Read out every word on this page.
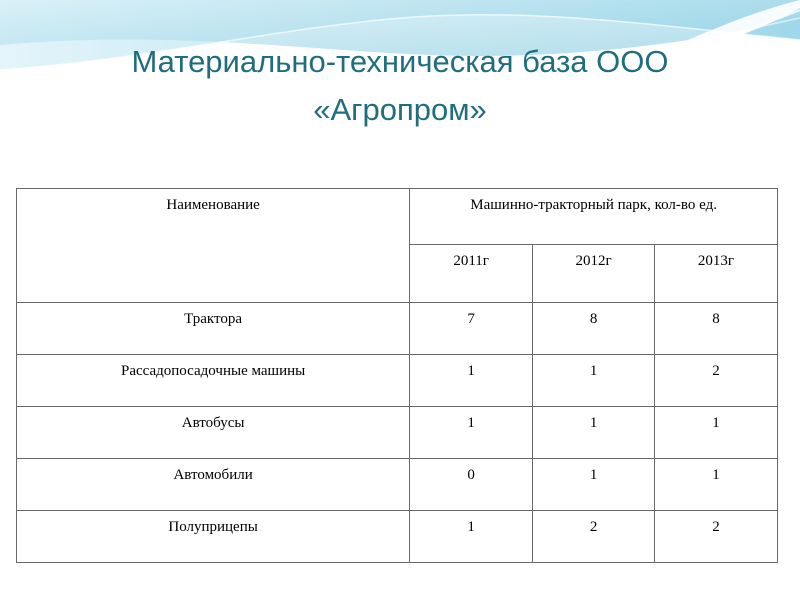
Материально-техническая база ООО
«Агропром»
Наименование	Машинно-тракторный парк, кол-во ед.		
	2011г	2012г	2013г
Трактора	7	8	8
Рассадопосадочные машины	1	1	2
Автобусы	1	1	1
Автомобили	0	1	1
Полуприцепы	1	2	2
